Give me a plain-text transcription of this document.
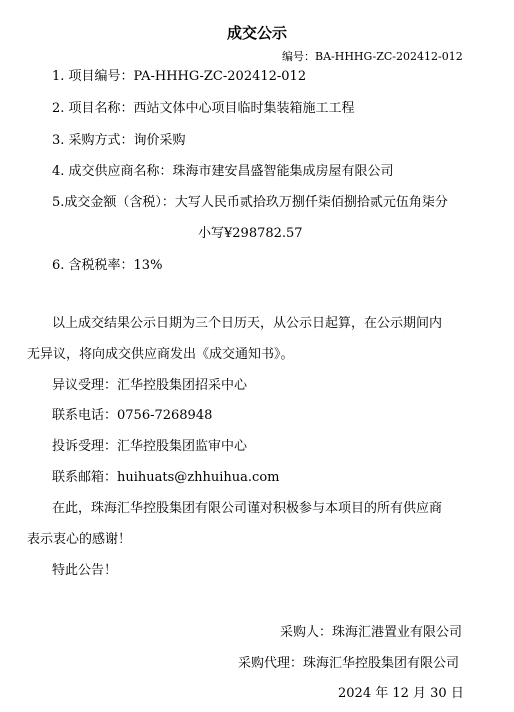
成交公示
编号：BA-HHHG-ZC-202412-012
1. 项目编号：PA-HHHG-ZC-202412-012
2. 项目名称：西站文体中心项目临时集装箱施工工程
3. 采购方式：询价采购
4. 成交供应商名称：珠海市建安昌盛智能集成房屋有限公司
5.成交金额（含税）：大写人民币贰拾玖万捌仟柒佰捌拾贰元伍角柒分
小写¥298782.57
6. 含税税率：13%
以上成交结果公示日期为三个日历天，从公示日起算，在公示期间内
无异议，将向成交供应商发出《成交通知书》。
异议受理：汇华控股集团招采中心
联系电话：0756-7268948
投诉受理：汇华控股集团监审中心
联系邮箱：huihuats@zhhuihua.com
在此，珠海汇华控股集团有限公司谨对积极参与本项目的所有供应商
表示衷心的感谢！
特此公告！
采购人：珠海汇港置业有限公司
采购代理：珠海汇华控股集团有限公司
2024 年 12 月 30 日
